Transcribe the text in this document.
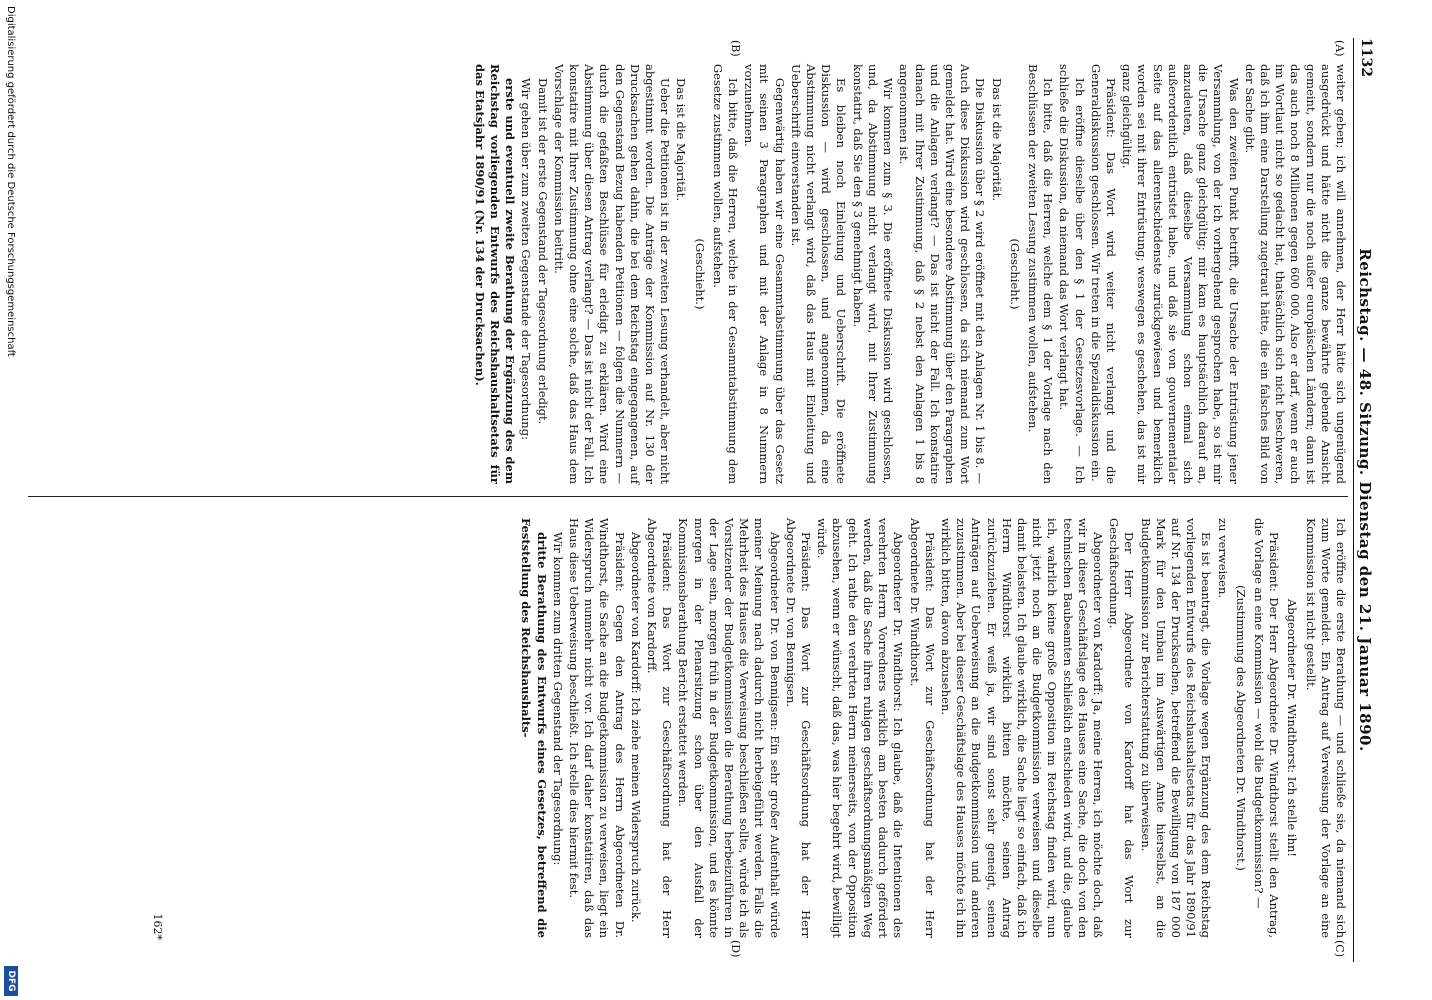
1132
Reichstag. — 48. Sitzung. Dienstag den 21. Januar 1890.
(A)
(B)
(C)
(D)

weiter geben; ich will annehmen, der Herr hätte sich ungenügend ausgedrückt und hätte nicht die ganze bewährte gebende Ansicht gemeint, sondern nur die noch außer europäischen Ländern; dann ist das auch noch 8 Millionen gegen 600 000. Also er darf, wenn er auch im Wortlaut nicht so gedacht hat, thatsächlich sich nicht beschweren, daß ich ihm eine Darstellung zugetraut hätte, die ein falsches Bild von der Sache gibt.

Was den zweiten Punkt betrifft, die Ursache der Entrüstung jener Versammlung, von der ich vorhergehend gesprochen habe, so ist mir die Ursache ganz gleichgültig; mir kam es hauptsächlich darauf an, anzudeuten, daß dieselbe Versammlung schon einmal sich außerordentlich entrüstet habe, und daß sie von gouvernementaler Seite auf das allerentschiedenste zurückgewiesen und bemerklich worden sei mit ihrer Entrüstung; weswegen es geschehen, das ist mir ganz gleichgültig.

Präsident: Das Wort wird weiter nicht verlangt und die Generaldiskussion geschlossen. Wir treten in die Spezialdiskussion ein.

Ich eröffne dieselbe über den § 1 der Gesetzesvorlage. — Ich schließe die Diskussion, da niemand das Wort verlangt hat.

Ich bitte, daß die Herren, welche dem § 1 der Vorlage nach den Beschlüssen der zweiten Lesung zustimmen wollen, aufstehen.

(Geschieht.)

Das ist die Majorität.

Die Diskussion über § 2 wird eröffnet mit den Anlagen Nr. 1 bis 8. — Auch diese Diskussion wird geschlossen, da sich niemand zum Wort gemeldet hat. Wird eine besondere Abstimmung über den Paragraphen und die Anlagen verlangt? — Das ist nicht der Fall. Ich konstatire danach mit Ihrer Zustimmung, daß § 2 nebst den Anlagen 1 bis 8 angenommen ist.

Wir kommen zum § 3. Die eröffnete Diskussion wird geschlossen, und, da Abstimmung nicht verlangt wird, mit Ihrer Zustimmung konstatirt, daß Sie den § 3 genehmigt haben.

Es bleiben noch Einleitung und Ueberschrift. Die eröffnete Diskussion — wird geschlossen, und angenommen, da eine Abstimmung nicht verlangt wird, daß das Haus mit Einleitung und Ueberschrift einverstanden ist.

Gegenwärtig haben wir eine Gesammtabstimmung über das Gesetz mit seinen 3 Paragraphen und mit der Anlage in 8 Nummern vorzunehmen.

Ich bitte, daß die Herren, welche in der Gesammtabstimmung dem Gesetze zustimmen wollen, aufstehen.

(Geschieht.)

Das ist die Majorität.

Ueber die Petitionen ist in der zweiten Lesung verhandelt, aber nicht abgestimmt worden. Die Anträge der Kommission auf Nr. 130 der Drucksachen gehen dahin, die bei dem Reichstag eingegangenen, auf den Gegenstand Bezug habenden Petitionen — folgen die Nummern — durch die gefaßten Beschlüsse für erledigt zu erklären. Wird eine Abstimmung über diesen Antrag verlangt? — Das ist nicht der Fall. Ich konstatire mit Ihrer Zustimmung ohne eine solche, daß das Haus dem Vorschlage der Kommission beitritt.

Damit ist der erste Gegenstand der Tagesordnung erledigt.

Wir gehen über zum zweiten Gegenstande der Tagesordnung:

erste und eventuell zweite Berathung der Ergänzung des dem Reichstag vorliegenden Entwurfs des Reichshaushaltsetats für das Etatsjahr 1890/91 (Nr. 134 der Drucksachen).

Ich eröffne die erste Berathung — und schließe sie, da niemand sich zum Worte gemeldet. Ein Antrag auf Verweisung der Vorlage an eine Kommission ist nicht gestellt.

Abgeordneter Dr. Windthorst: Ich stelle ihn!

Präsident: Der Herr Abgeordnete Dr. Windthorst stellt den Antrag, die Vorlage an eine Kommission — wohl die Budgetkommission? —

(Zustimmung des Abgeordneten Dr. Windthorst.)

zu verweisen.

Es ist beantragt, die Vorlage wegen Ergänzung des dem Reichstag vorliegenden Entwurfs des Reichshaushaltsetats für das Jahr 1890/91 auf Nr. 134 der Drucksachen, betreffend die Bewilligung von 187 000 Mark für den Umbau im Auswärtigen Amte hierselbst, an die Budgetkommission zur Berichterstattung zu überweisen.

Der Herr Abgeordnete von Kardorff hat das Wort zur Geschäftsordnung.

Abgeordneter von Kardorff: Ja, meine Herren, ich möchte doch, daß wir in dieser Geschäftslage des Hauses eine Sache, die doch von den technischen Baubeamten schließlich entschieden wird, und die, glaube ich, wahrlich keine große Opposition im Reichstag finden wird, nun nicht jetzt noch an die Budgetkommission verweisen und dieselbe damit belasten. Ich glaube wirklich, die Sache liegt so einfach, daß ich Herrn Windthorst wirklich bitten möchte, seinen Antrag zurückzuziehen. Er weiß ja, wir sind sonst sehr geneigt, seinen Anträgen auf Ueberweisung an die Budgetkommission und anderen zuzustimmen. Aber bei dieser Geschäftslage des Hauses möchte ich ihn wirklich bitten, davon abzusehen.

Präsident: Das Wort zur Geschäftsordnung hat der Herr Abgeordnete Dr. Windthorst.

Abgeordneter Dr. Windthorst: Ich glaube, daß die Intentionen des verehrten Herrn Vorredners wirklich am besten dadurch gefördert werden, daß die Sache ihren ruhigen geschäftsordnungsmäßigen Weg geht. Ich rathe den verehrten Herrn meinerseits, von der Opposition abzusehen, wenn er wünscht, daß das, was hier begehrt wird, bewilligt würde.

Präsident: Das Wort zur Geschäftsordnung hat der Herr Abgeordnete Dr. von Bennigsen.

Abgeordneter Dr. von Bennigsen: Ein sehr großer Aufenthalt würde meiner Meinung nach dadurch nicht herbeigeführt werden. Falls die Mehrheit des Hauses die Verweisung beschließen sollte, würde ich als Vorsitzender der Budgetkommission die Berathung herbeizuführen in der Lage sein, morgen früh in der Budgetkommission, und es könnte morgen in der Plenarsitzung schon über den Ausfall der Kommissionsberathung Bericht erstattet werden.

Präsident: Das Wort zur Geschäftsordnung hat der Herr Abgeordnete von Kardorff.

Abgeordneter von Kardorff: Ich ziehe meinen Widerspruch zurück.

Präsident: Gegen den Antrag des Herrn Abgeordneten Dr. Windthorst, die Sache an die Budgetkommission zu verweisen, liegt ein Widerspruch nunmehr nicht vor. Ich darf daher konstatiren, daß das Haus diese Ueberweisung beschließt. Ich stelle dies hiermit fest.

Wir kommen zum dritten Gegenstand der Tagesordnung:

dritte Berathung des Entwurfs eines Gesetzes, betreffend die Feststellung des Reichshaushalts-

162*
Digitalisierung gefördert durch die Deutsche Forschungsgemeinschaft
DFG
